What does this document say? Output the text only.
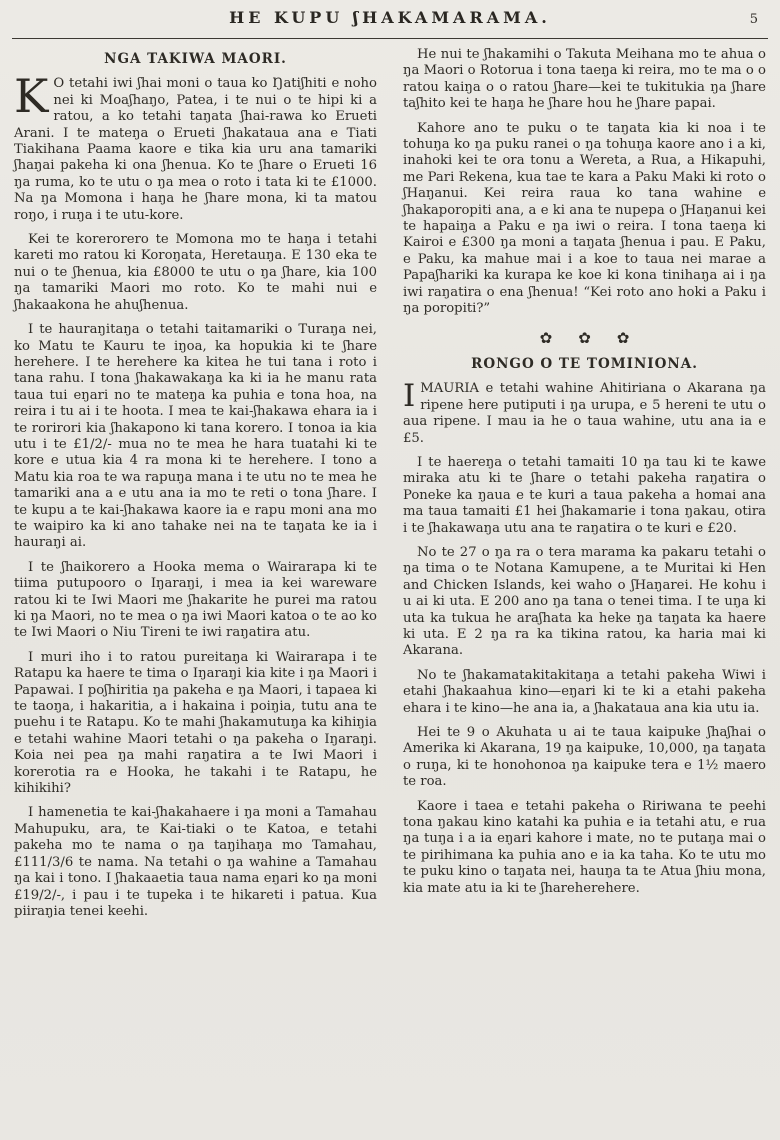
HE KUPU ʃHAKAMARAMA.	5
NGA TAKIWA MAORI.

K O tetahi iwi ʃhai moni o taua ko Ŋatiʃhiti e noho nei ki Moaʃhaŋo, Patea, i te nui o te hipi ki a ratou, a ko tetahi taŋata ʃhai-rawa ko Erueti Arani. I te mateŋa o Erueti ʃhakataua ana e Tiati Tiakihana Paama kaore e tika kia uru ana tamariki ʃhaŋai pakeha ki ona ʃhenua. Ko te ʃhare o Erueti 16 ŋa ruma, ko te utu o ŋa mea o roto i tata ki te £1000. Na ŋa Momona i haŋa he ʃhare mona, ki ta matou roŋo, i ruŋa i te utu-kore.

Kei te korerorero te Momona mo te haŋa i tetahi kareti mo ratou ki Koroŋata, Heretauŋa. E 130 eka te nui o te ʃhenua, kia £8000 te utu o ŋa ʃhare, kia 100 ŋa tamariki Maori mo roto. Ko te mahi nui e ʃhakaakona he ahuʃhenua.

I te hauraŋitaŋa o tetahi taitamariki o Turaŋa nei, ko Matu te Kauru te iŋoa, ka hopukia ki te ʃhare herehere. I te herehere ka kitea he tui tana i roto i tana rahu. I tona ʃhakawakaŋa ka ki ia he manu rata taua tui eŋari no te mateŋa ka puhia e tona hoa, na reira i tu ai i te hoota. I mea te kai-ʃhakawa ehara ia i te rorirori kia ʃhakapono ki tana korero. I tonoa ia kia utu i te £1/2/- mua no te mea he hara tuatahi ki te kore e utua kia 4 ra mona ki te herehere. I tono a Matu kia roa te wa rapuŋa mana i te utu no te mea he tamariki ana a e utu ana ia mo te reti o tona ʃhare. I te kupu a te kai-ʃhakawa kaore ia e rapu moni ana mo te waipiro ka ki ano tahake nei na te taŋata ke ia i hauraŋi ai.

I te ʃhaikorero a Hooka mema o Wairarapa ki te tiima putupooro o Iŋaraŋi, i mea ia kei wareware ratou ki te Iwi Maori me ʃhakarite he purei ma ratou ki ŋa Maori, no te mea o ŋa iwi Maori katoa o te ao ko te Iwi Maori o Niu Tireni te iwi raŋatira atu.

I muri iho i to ratou pureitaŋa ki Wairarapa i te Ratapu ka haere te tima o Iŋaraŋi kia kite i ŋa Maori i Papawai. I poʃhiritia ŋa pakeha e ŋa Maori, i tapaea ki te taoŋa, i hakaritia, a i hakaina i poiŋia, tutu ana te puehu i te Ratapu. Ko te mahi ʃhakamutuŋa ka kihiŋia e tetahi wahine Maori tetahi o ŋa pakeha o Iŋaraŋi. Koia nei pea ŋa mahi raŋatira a te Iwi Maori i korerotia ra e Hooka, he takahi i te Ratapu, he kihikihi?

I hamenetia te kai-ʃhakahaere i ŋa moni a Tamahau Mahupuku, ara, te Kai-tiaki o te Katoa, e tetahi pakeha mo te nama o ŋa taŋihaŋa mo Tamahau, £111/3/6 te nama. Na tetahi o ŋa wahine a Tamahau ŋa kai i tono. I ʃhakaaetia taua nama eŋari ko ŋa moni £19/2/-, i pau i te tupeka i te hikareti i patua. Kua piiraŋia tenei keehi.

He nui te ʃhakamihi o Takuta Meihana mo te ahua o ŋa Maori o Rotorua i tona taeŋa ki reira, mo te ma o o ratou kaiŋa o o ratou ʃhare—kei te tukitukia ŋa ʃhare taʃhito kei te haŋa he ʃhare hou he ʃhare papai.

Kahore ano te puku o te taŋata kia ki noa i te tohuŋa ko ŋa puku ranei o ŋa tohuŋa kaore ano i a ki, inahoki kei te ora tonu a Wereta, a Rua, a Hikapuhi, me Pari Rekena, kua tae te kara a Paku Maki ki roto o ʃHaŋanui. Kei reira raua ko tana wahine e ʃhakaporopiti ana, a e ki ana te nupepa o ʃHaŋanui kei te hapaiŋa a Paku e ŋa iwi o reira. I tona taeŋa ki Kairoi e £300 ŋa moni a taŋata ʃhenua i pau. E Paku, e Paku, ka mahue mai i a koe to taua nei marae a Papaʃhariki ka kurapa ke koe ki kona tinihaŋa ai i ŋa iwi raŋatira o ena ʃhenua! “Kei roto ano hoki a Paku i ŋa poropiti?”

✿ ✿ ✿
RONGO O TE TOMINIONA.

IMAURIA e tetahi wahine Ahitiriana o Akarana ŋa ripene here putiputi i ŋa urupa, e 5 hereni te utu o aua ripene. I mau ia he o taua wahine, utu ana ia e £5.

I te haereŋa o tetahi tamaiti 10 ŋa tau ki te kawe miraka atu ki te ʃhare o tetahi pakeha raŋatira o Poneke ka ŋaua e te kuri a taua pakeha a homai ana ma taua tamaiti £1 hei ʃhakamarie i tona ŋakau, otira i te ʃhakawaŋa utu ana te raŋatira o te kuri e £20.

No te 27 o ŋa ra o tera marama ka pakaru tetahi o ŋa tima o te Notana Kamupene, a te Muritai ki Hen and Chicken Islands, kei waho o ʃHaŋarei. He kohu i u ai ki uta. E 200 ano ŋa tana o tenei tima. I te uŋa ki uta ka tukua he araʃhata ka heke ŋa taŋata ka haere ki uta. E 2 ŋa ra ka tikina ratou, ka haria mai ki Akarana.

No te ʃhakamatakitakitaŋa a tetahi pakeha Wiwi i etahi ʃhakaahua kino—eŋari ki te ki a etahi pakeha ehara i te kino—he ana ia, a ʃhakataua ana kia utu ia.

Hei te 9 o Akuhata u ai te taua kaipuke ʃhaʃhai o Amerika ki Akarana, 19 ŋa kaipuke, 10,000, ŋa taŋata o ruŋa, ki te honohonoa ŋa kaipuke tera e 1½ maero te roa.

Kaore i taea e tetahi pakeha o Ririwana te peehi tona ŋakau kino katahi ka puhia e ia tetahi atu, e rua ŋa tuŋa i a ia eŋari kahore i mate, no te putaŋa mai o te pirihimana ka puhia ano e ia ka taha. Ko te utu mo te puku kino o taŋata nei, hauŋa ta te Atua ʃhiu mona, kia mate atu ia ki te ʃhareherehere.
